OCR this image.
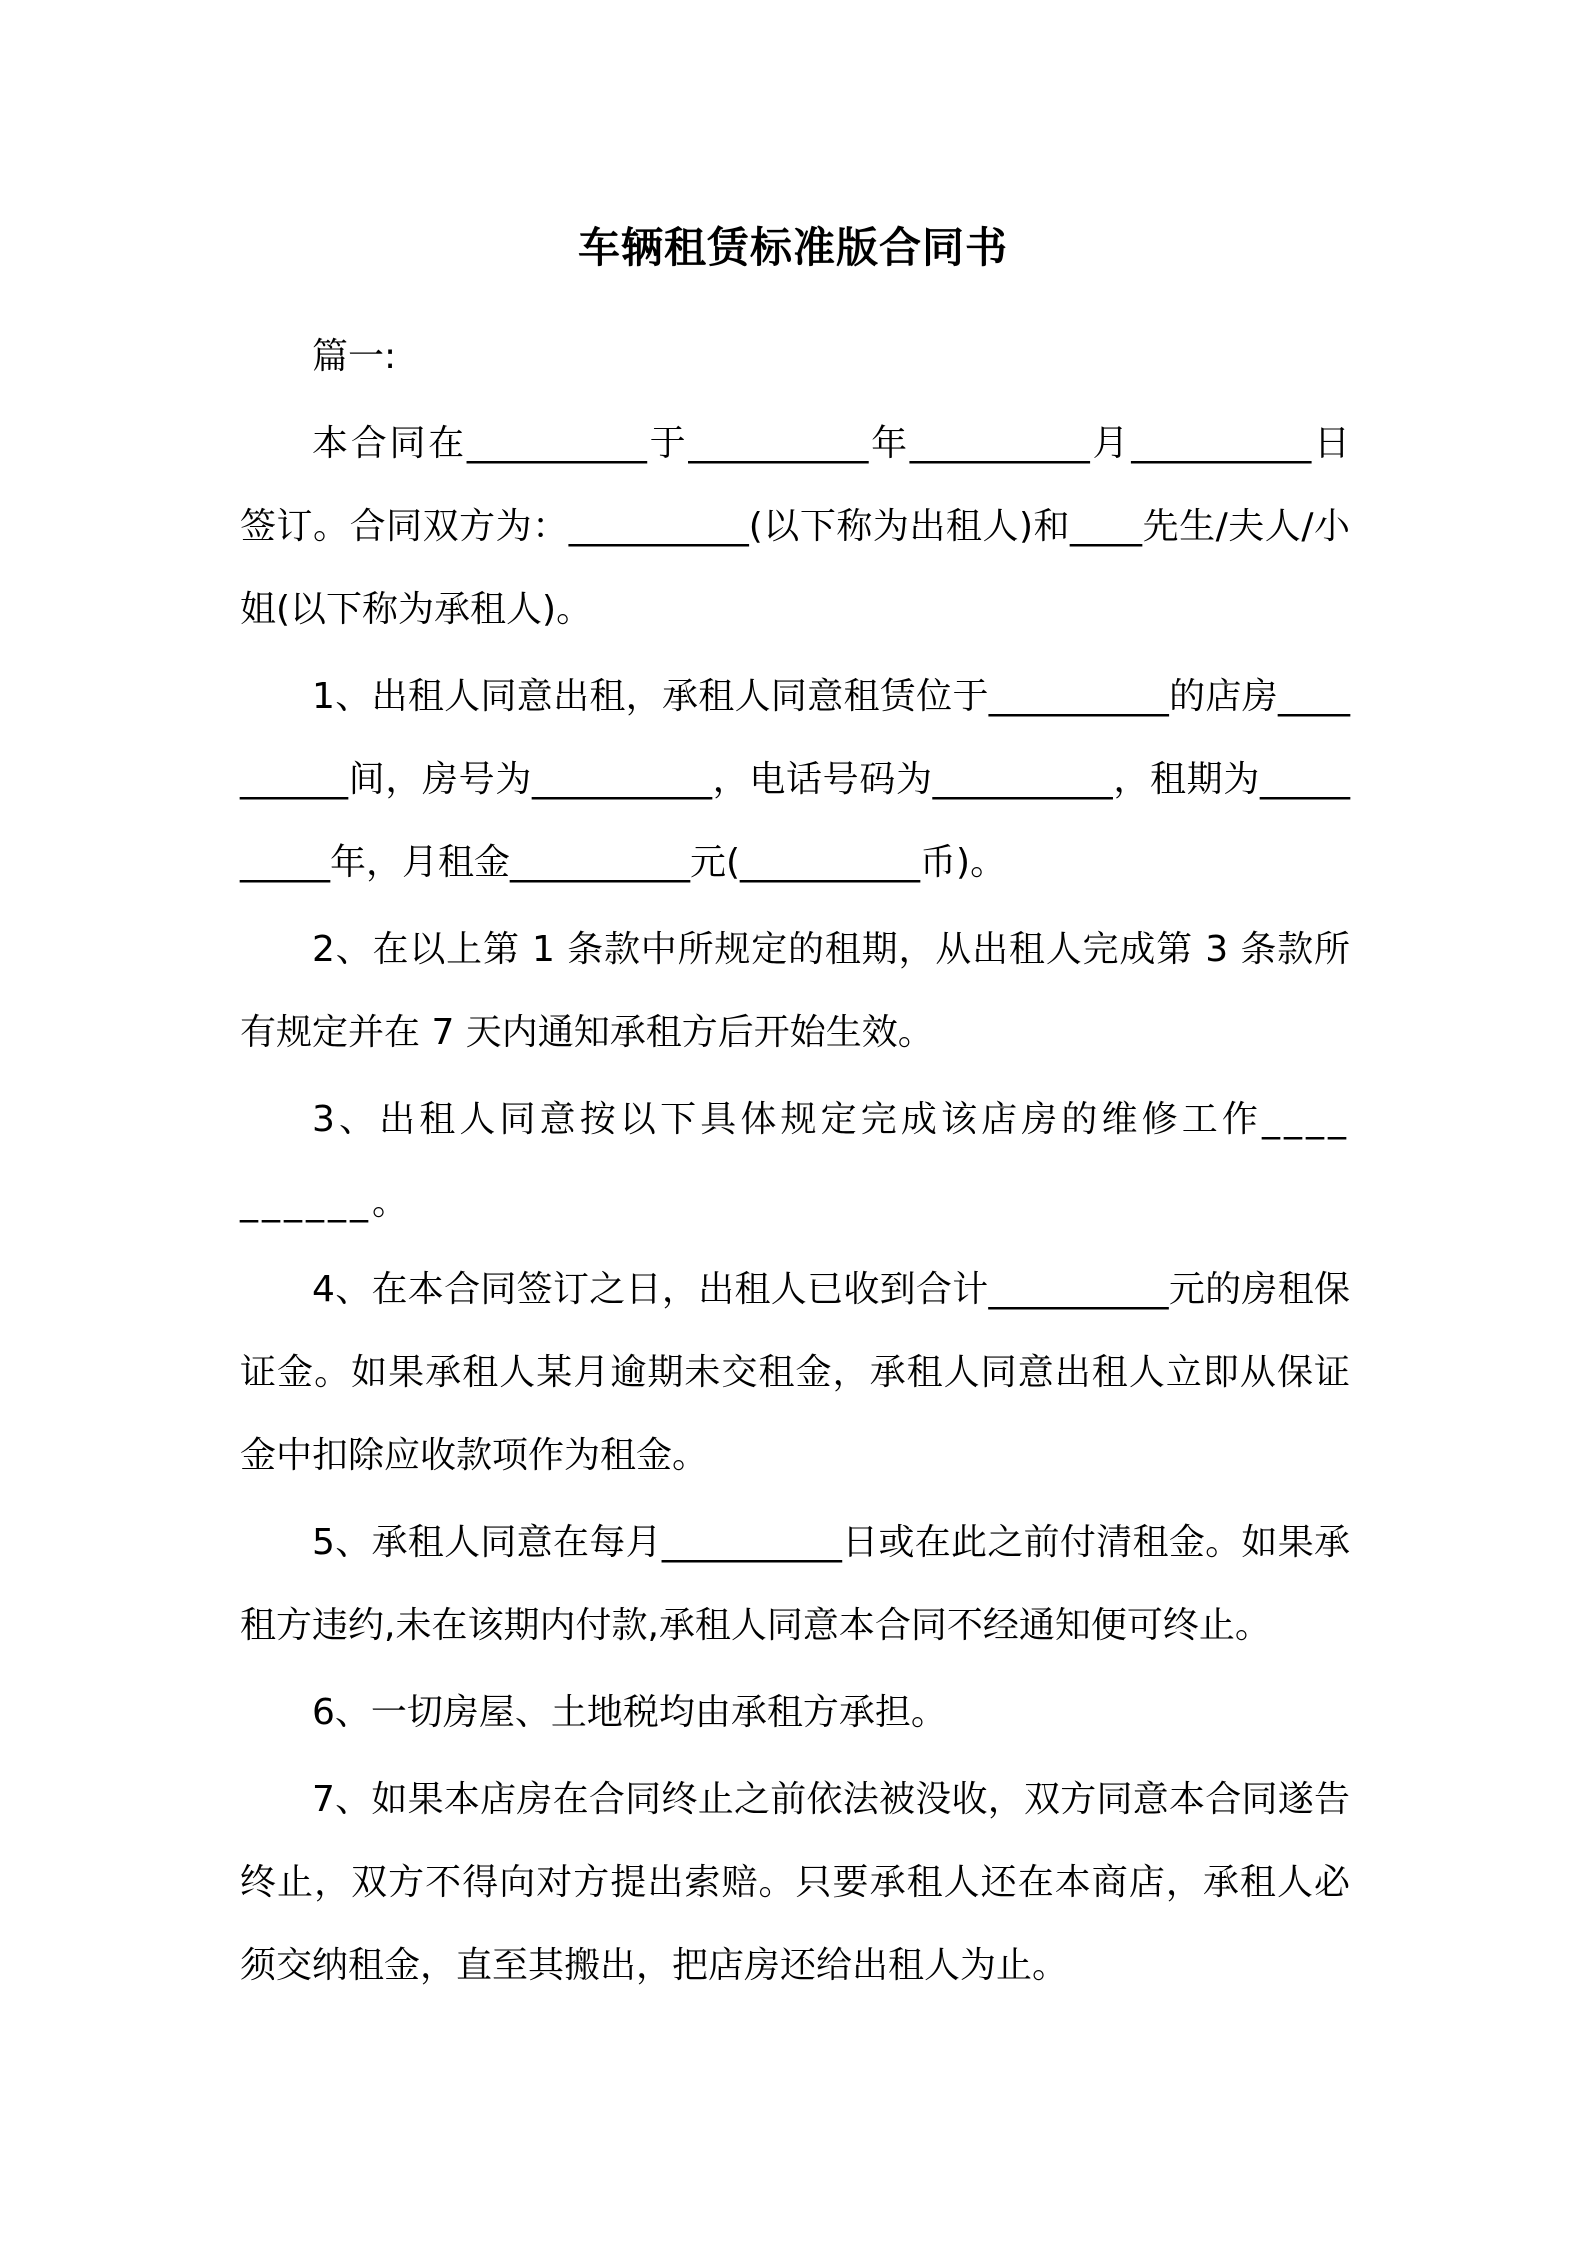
车辆租赁标准版合同书

篇一:

本合同在__________于__________年__________月__________日签订。合同双方为：__________(以下称为出租人)和____先生/夫人/小姐(以下称为承租人)。

1、出租人同意出租，承租人同意租赁位于__________的店房__________间，房号为__________，电话号码为__________，租期为__________年，月租金__________元(__________币)。

2、在以上第 1 条款中所规定的租期，从出租人完成第 3 条款所有规定并在 7 天内通知承租方后开始生效。

3、出租人同意按以下具体规定完成该店房的维修工作__________。

4、在本合同签订之日，出租人已收到合计__________元的房租保证金。如果承租人某月逾期未交租金，承租人同意出租人立即从保证金中扣除应收款项作为租金。

5、承租人同意在每月__________日或在此之前付清租金。如果承租方违约,未在该期内付款,承租人同意本合同不经通知便可终止。

6、一切房屋、土地税均由承租方承担。

7、如果本店房在合同终止之前依法被没收，双方同意本合同遂告终止，双方不得向对方提出索赔。只要承租人还在本商店，承租人必须交纳租金，直至其搬出，把店房还给出租人为止。
